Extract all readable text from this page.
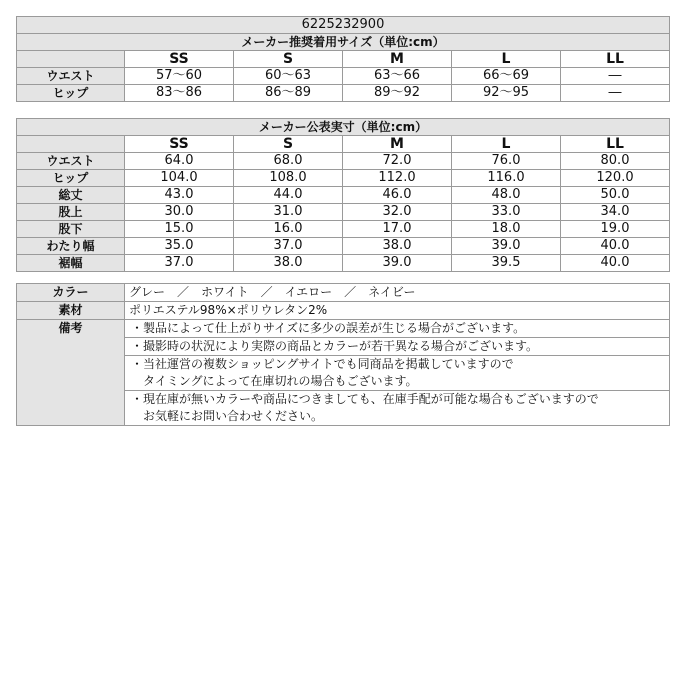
6225232900					
メーカー推奨着用サイズ（単位:cm）					
	SS	S	M	L	LL
ウエスト	57～60	60～63	63～66	66～69	―
ヒップ	83～86	86～89	89～92	92～95	―
メーカー公表実寸（単位:cm）					
	SS	S	M	L	LL
ウエスト	64.0	68.0	72.0	76.0	80.0
ヒップ	104.0	108.0	112.0	116.0	120.0
総丈	43.0	44.0	46.0	48.0	50.0
股上	30.0	31.0	32.0	33.0	34.0
股下	15.0	16.0	17.0	18.0	19.0
わたり幅	35.0	37.0	38.0	39.0	40.0
裾幅	37.0	38.0	39.0	39.5	40.0
カラー	グレー　／　ホワイト　／　イエロー　／　ネイビー
素材	ポリエステル98%×ポリウレタン2%
備考	・製品によって仕上がりサイズに多少の誤差が生じる場合がございます。

	・撮影時の状況により実際の商品とカラーが若干異なる場合がございます。

	・当社運営の複数ショッピングサイトでも同商品を掲載していますので
　タイミングによって在庫切れの場合もございます。

	・現在庫が無いカラーや商品につきましても、在庫手配が可能な場合もございますので
　お気軽にお問い合わせください。
